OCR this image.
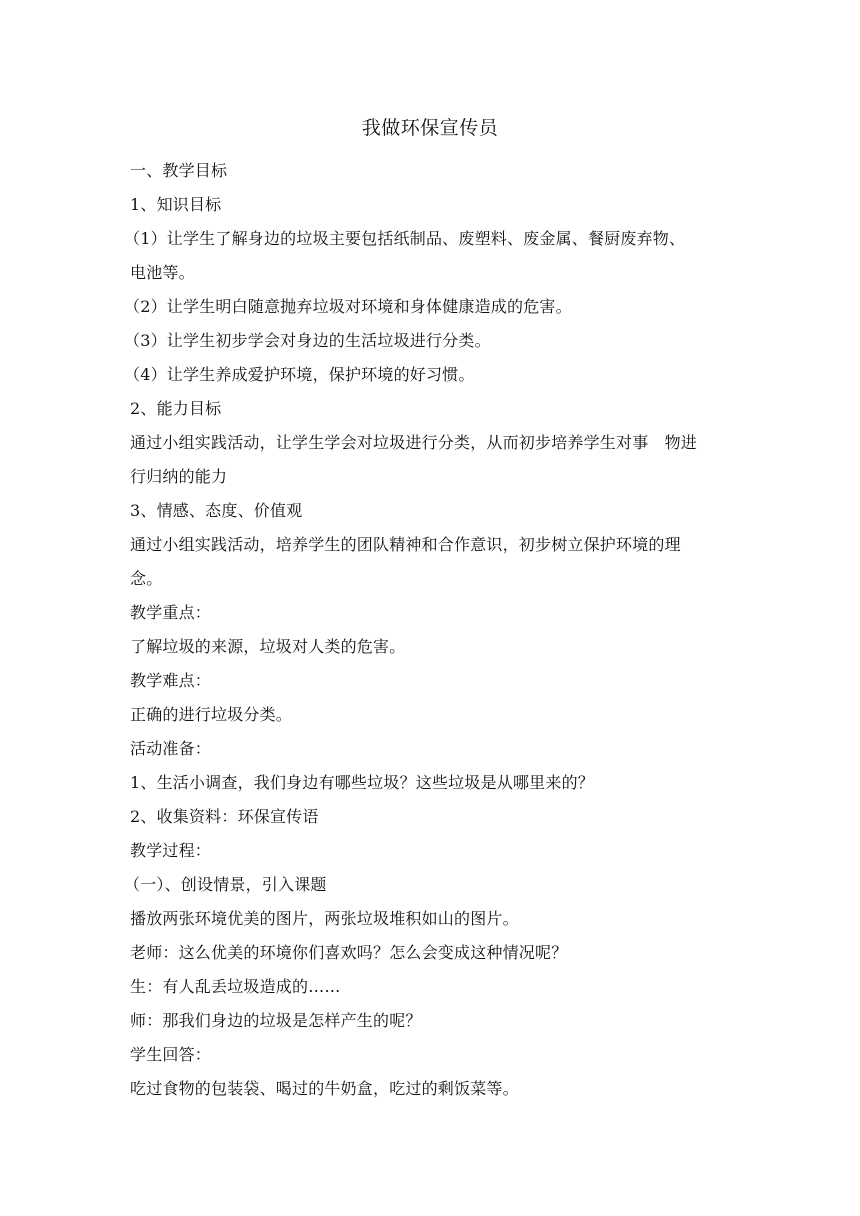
我做环保宣传员

一、教学目标

1、知识目标

（1）让学生了解身边的垃圾主要包括纸制品、废塑料、废金属、餐厨废弃物、

电池等。

（2）让学生明白随意抛弃垃圾对环境和身体健康造成的危害。

（3）让学生初步学会对身边的生活垃圾进行分类。

（4）让学生养成爱护环境，保护环境的好习惯。

2、能力目标

通过小组实践活动，让学生学会对垃圾进行分类，从而初步培养学生对事　物进

行归纳的能力

3、情感、态度、价值观

通过小组实践活动，培养学生的团队精神和合作意识，初步树立保护环境的理

念。

教学重点：

了解垃圾的来源，垃圾对人类的危害。

教学难点：

正确的进行垃圾分类。

活动准备：

1、生活小调查，我们身边有哪些垃圾？这些垃圾是从哪里来的？

2、收集资料：环保宣传语

教学过程：

（一）、创设情景，引入课题

播放两张环境优美的图片，两张垃圾堆积如山的图片。

老师：这么优美的环境你们喜欢吗？怎么会变成这种情况呢？

生：有人乱丢垃圾造成的……

师：那我们身边的垃圾是怎样产生的呢？

学生回答：

吃过食物的包装袋、喝过的牛奶盒，吃过的剩饭菜等。
